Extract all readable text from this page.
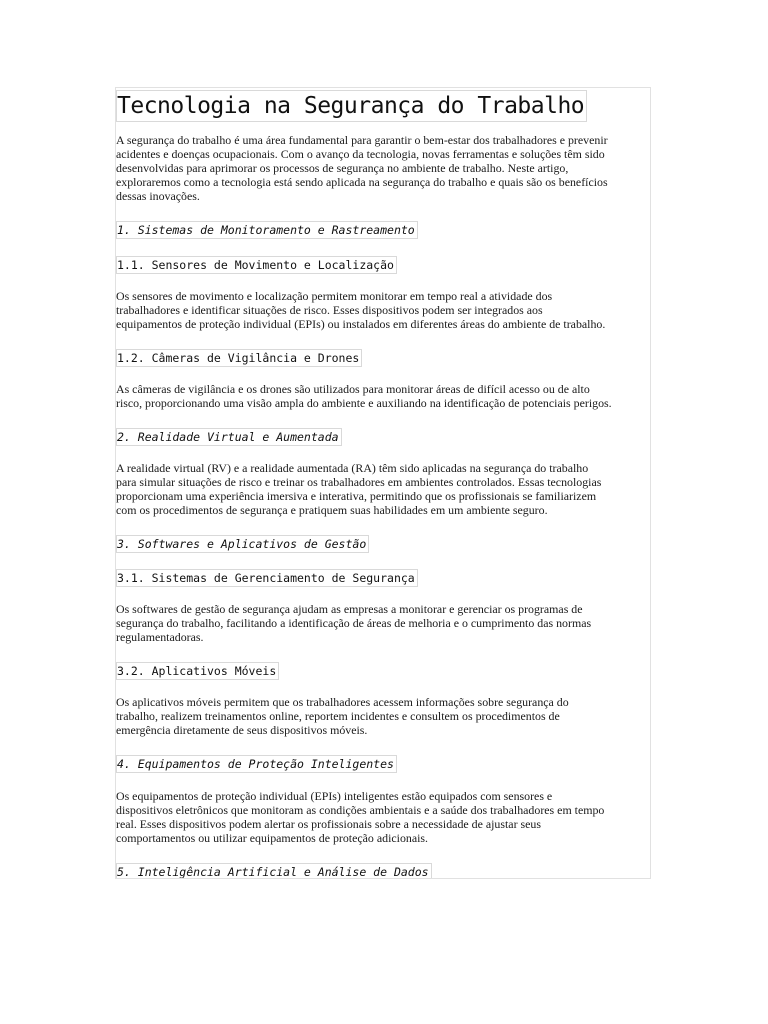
Tecnologia na Segurança do Trabalho
A segurança do trabalho é uma área fundamental para garantir o bem-estar dos trabalhadores e prevenir
acidentes e doenças ocupacionais. Com o avanço da tecnologia, novas ferramentas e soluções têm sido
desenvolvidas para aprimorar os processos de segurança no ambiente de trabalho. Neste artigo,
exploraremos como a tecnologia está sendo aplicada na segurança do trabalho e quais são os benefícios
dessas inovações.
1. Sistemas de Monitoramento e Rastreamento
1.1. Sensores de Movimento e Localização
Os sensores de movimento e localização permitem monitorar em tempo real a atividade dos
trabalhadores e identificar situações de risco. Esses dispositivos podem ser integrados aos
equipamentos de proteção individual (EPIs) ou instalados em diferentes áreas do ambiente de trabalho.
1.2. Câmeras de Vigilância e Drones
As câmeras de vigilância e os drones são utilizados para monitorar áreas de difícil acesso ou de alto
risco, proporcionando uma visão ampla do ambiente e auxiliando na identificação de potenciais perigos.
2. Realidade Virtual e Aumentada
A realidade virtual (RV) e a realidade aumentada (RA) têm sido aplicadas na segurança do trabalho
para simular situações de risco e treinar os trabalhadores em ambientes controlados. Essas tecnologias
proporcionam uma experiência imersiva e interativa, permitindo que os profissionais se familiarizem
com os procedimentos de segurança e pratiquem suas habilidades em um ambiente seguro.
3. Softwares e Aplicativos de Gestão
3.1. Sistemas de Gerenciamento de Segurança
Os softwares de gestão de segurança ajudam as empresas a monitorar e gerenciar os programas de
segurança do trabalho, facilitando a identificação de áreas de melhoria e o cumprimento das normas
regulamentadoras.
3.2. Aplicativos Móveis
Os aplicativos móveis permitem que os trabalhadores acessem informações sobre segurança do
trabalho, realizem treinamentos online, reportem incidentes e consultem os procedimentos de
emergência diretamente de seus dispositivos móveis.
4. Equipamentos de Proteção Inteligentes
Os equipamentos de proteção individual (EPIs) inteligentes estão equipados com sensores e
dispositivos eletrônicos que monitoram as condições ambientais e a saúde dos trabalhadores em tempo
real. Esses dispositivos podem alertar os profissionais sobre a necessidade de ajustar seus
comportamentos ou utilizar equipamentos de proteção adicionais.
5. Inteligência Artificial e Análise de Dados
